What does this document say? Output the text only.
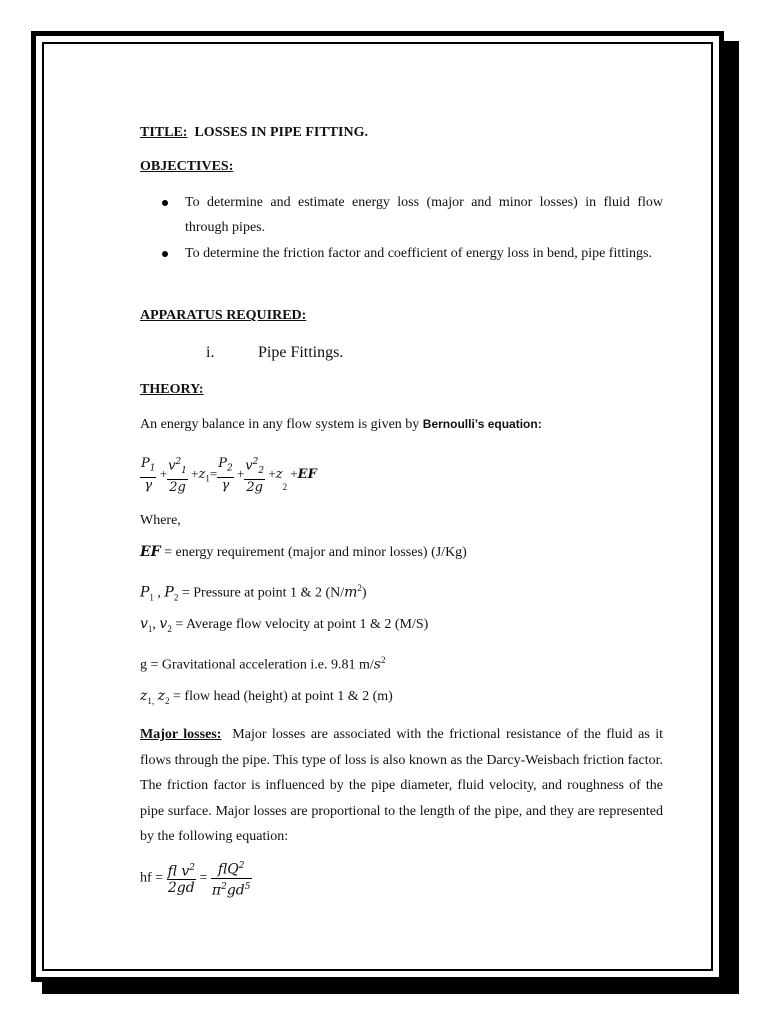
TITLE: LOSSES IN PIPE FITTING.

OBJECTIVES:

To determine and estimate energy loss (major and minor losses) in fluid flow through pipes.
To determine the friction factor and coefficient of energy loss in bend, pipe fittings.

APPARATUS REQUIRED:

i.	Pipe Fittings.

THEORY:

An energy balance in any flow system is given by Bernoulli’s equation:
$\frac{P_1}{\gamma} + \frac{v^2_1}{2g} +z_1= \frac{P_2}{\gamma} + \frac{v^2_2}{2g} +z_2 +EF$
Where,
EF = energy requirement (major and minor losses) (J/Kg)
$P_1$ , $P_2$ = Pressure at point 1 & 2 $(N/m^2)$
$v_1$, $v_2$ = Average flow velocity at point 1 & 2 (M/S)
g = Gravitational acceleration i.e. 9.81 $m/s^2$
$z_{1,}$ $z_2$ = flow head (height) at point 1 & 2 (m)
Major losses: Major losses are associated with the frictional resistance of the fluid as it flows through the pipe. This type of loss is also known as the Darcy-Weisbach friction factor. The friction factor is influenced by the pipe diameter, fluid velocity, and roughness of the pipe surface. Major losses are proportional to the length of the pipe, and they are represented by the following equation:
hf = $\frac{fl v^2}{2gd} = \frac{flQ^2}{\pi^2gd^5}$
